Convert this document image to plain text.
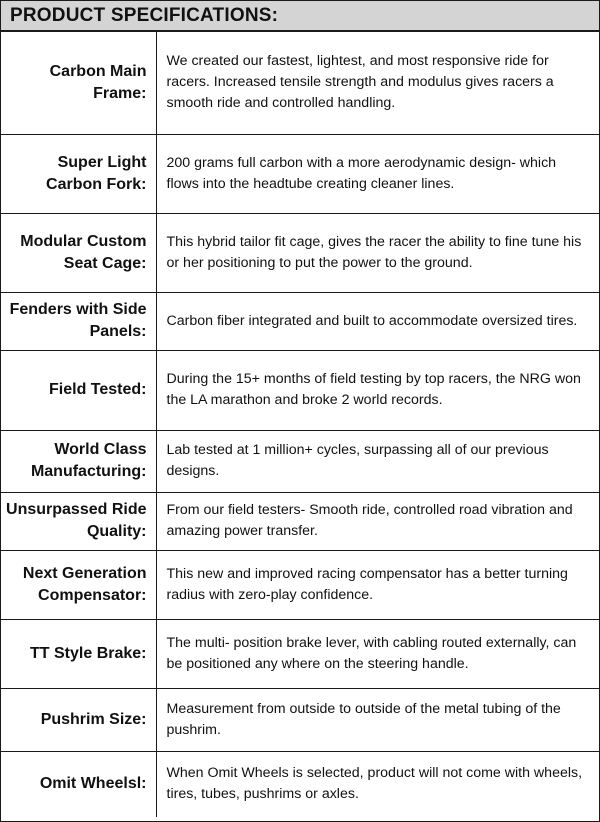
PRODUCT SPECIFICATIONS:
Carbon Main Frame:	We created our fastest, lightest, and most responsive ride for racers. Increased tensile strength and modulus gives racers a smooth ride and controlled handling.
Super Light Carbon Fork:	200 grams full carbon with a more aerodynamic design- which flows into the headtube creating cleaner lines.
Modular Custom Seat Cage:	This hybrid tailor fit cage, gives the racer the ability to fine tune his or her positioning to put the power to the ground.
Fenders with Side Panels:	Carbon fiber integrated and built to accommodate oversized tires.
Field Tested:	During the 15+ months of field testing by top racers, the NRG won the LA marathon and broke 2 world records.
World Class Manufacturing:	Lab tested at 1 million+ cycles, surpassing all of our previous designs.
Unsurpassed Ride Quality:	From our field testers- Smooth ride, controlled road vibration and amazing power transfer.
Next Generation Compensator:	This new and improved racing compensator has a better turning radius with zero-play confidence.
TT Style Brake:	The multi- position brake lever, with cabling routed externally, can be positioned any where on the steering handle.
Pushrim Size:	Measurement from outside to outside of the metal tubing of the pushrim.
Omit Wheelsl:	When Omit Wheels is selected, product will not come with wheels, tires, tubes, pushrims or axles.
